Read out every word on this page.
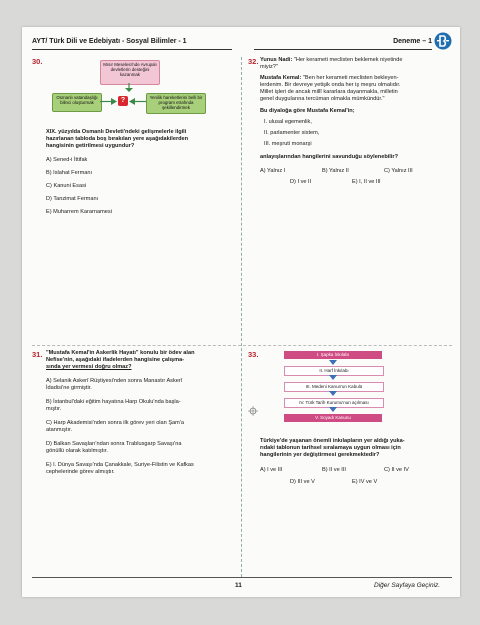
AYT/ Türk Dili ve Edebiyatı - Sosyal Bilimler - 1	Deneme – 1
30.	Mısır Meselesi'nde Avrupalı devletlerin desteğini kazanmak
Osmanlı vatandaşlığı bilinci oluşturmak	?	Yenilik hareketlerini belli bir program etrafında şekillendirmek
XIX. yüzyılda Osmanlı Devleti'ndeki gelişmelerle ilgili
hazırlanan tabloda boş bırakılan yere aşağıdakilerden
hangisinin getirilmesi uygundur?
A) Sened-i İttifak
B) Islahat Fermanı
C) Kanuni Esasi
D) Tanzimat Fermanı
E) Muharrem Kararnamesi
32. Yunus Nadi: "Her kerameti meclisten beklemek niyetinde
miyiz?"
Mustafa Kemal: "Ben her kerameti meclisten bekleyen-
lerdenim. Bir devreye yetişik onda her iş meşru olmalıdır.
Millet işleri de ancak millî kararlara dayanmakla, milletin
genel duygularına tercüman olmakla mümkündür."
Bu diyaloğa göre Mustafa Kemal'in;
I. ulusal egemenlik,
II. parlamenter sistem,
III. meşruti monarşi
anlayışlarından hangilerini savunduğu söylenebilir?
A) Yalnız I	B) Yalnız II	C) Yalnız III
D) I ve II	E) I, II ve III
31. "Mustafa Kemal'in Askerlik Hayatı" konulu bir ödev alan
Nefise'nin, aşağıdaki ifadelerden hangisine çalışma-
sında yer vermesi doğru olmaz?
A) Selanik Askerî Rüştiyesi'nden sonra Manastır Askerî
İdadisi'ne girmiştir.
B) İstanbul'daki eğitim hayatına Harp Okulu'nda başla-
mıştır.
C) Harp Akademisi'nden sonra ilk görev yeri olan Şam'a
atanmıştır.
D) Balkan Savaşları'ndan sonra Trablusgarp Savaşı'na
gönüllü olarak katılmıştır.
E) I. Dünya Savaşı'nda Çanakkale, Suriye-Filistin ve Kafkas
cephelerinde görev almıştır.
33.	I. Şapka İnkılabı
II. Harf İnkılabı
III. Medeni Kanun'un Kabulü
IV. Türk Tarih Kurumu'nun açılması
V. Soyadı Kanunu
Türkiye'de yaşanan önemli inkılapların yer aldığı yuka-
rıdaki tablonun tarihsel sıralamaya uygun olması için
hangilerinin yer değiştirmesi gerekmektedir?
A) I ve III	B) II ve III	C) II ve IV
D) III ve V	E) IV ve V
11	Diğer Sayfaya Geçiniz.
